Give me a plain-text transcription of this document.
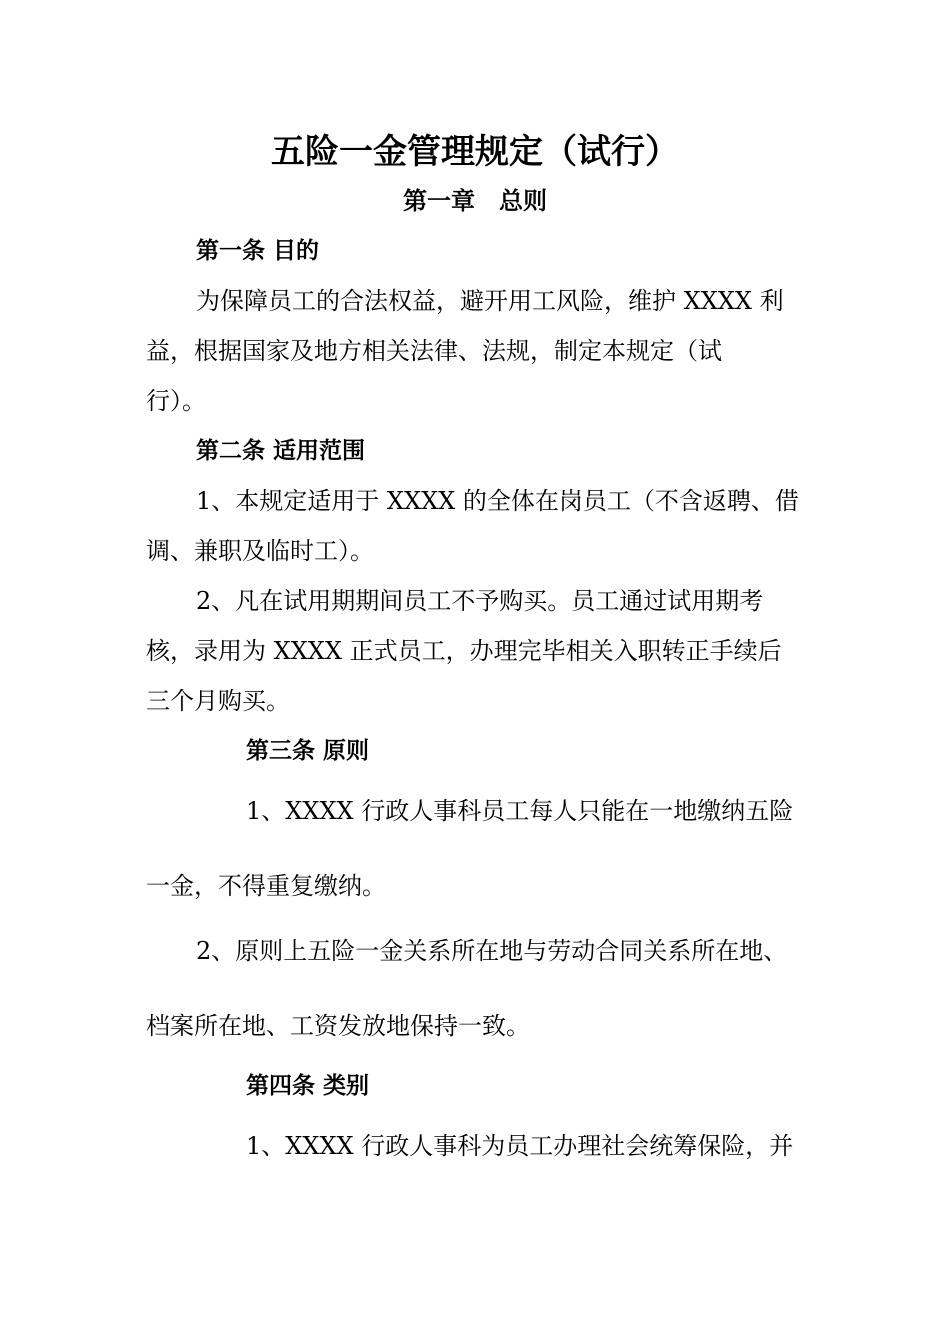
五险一金管理规定（试行）
第一章　总则
第一条 目的
为保障员工的合法权益，避开用工风险，维护 XXXX 利
益，根据国家及地方相关法律、法规，制定本规定（试
行）。
第二条 适用范围
1、本规定适用于 XXXX 的全体在岗员工（不含返聘、借
调、兼职及临时工）。
2、凡在试用期期间员工不予购买。员工通过试用期考
核，录用为 XXXX 正式员工，办理完毕相关入职转正手续后
三个月购买。
第三条 原则
1、XXXX 行政人事科员工每人只能在一地缴纳五险
一金，不得重复缴纳。
2、原则上五险一金关系所在地与劳动合同关系所在地、
档案所在地、工资发放地保持一致。
第四条 类别
1、XXXX 行政人事科为员工办理社会统筹保险，并
